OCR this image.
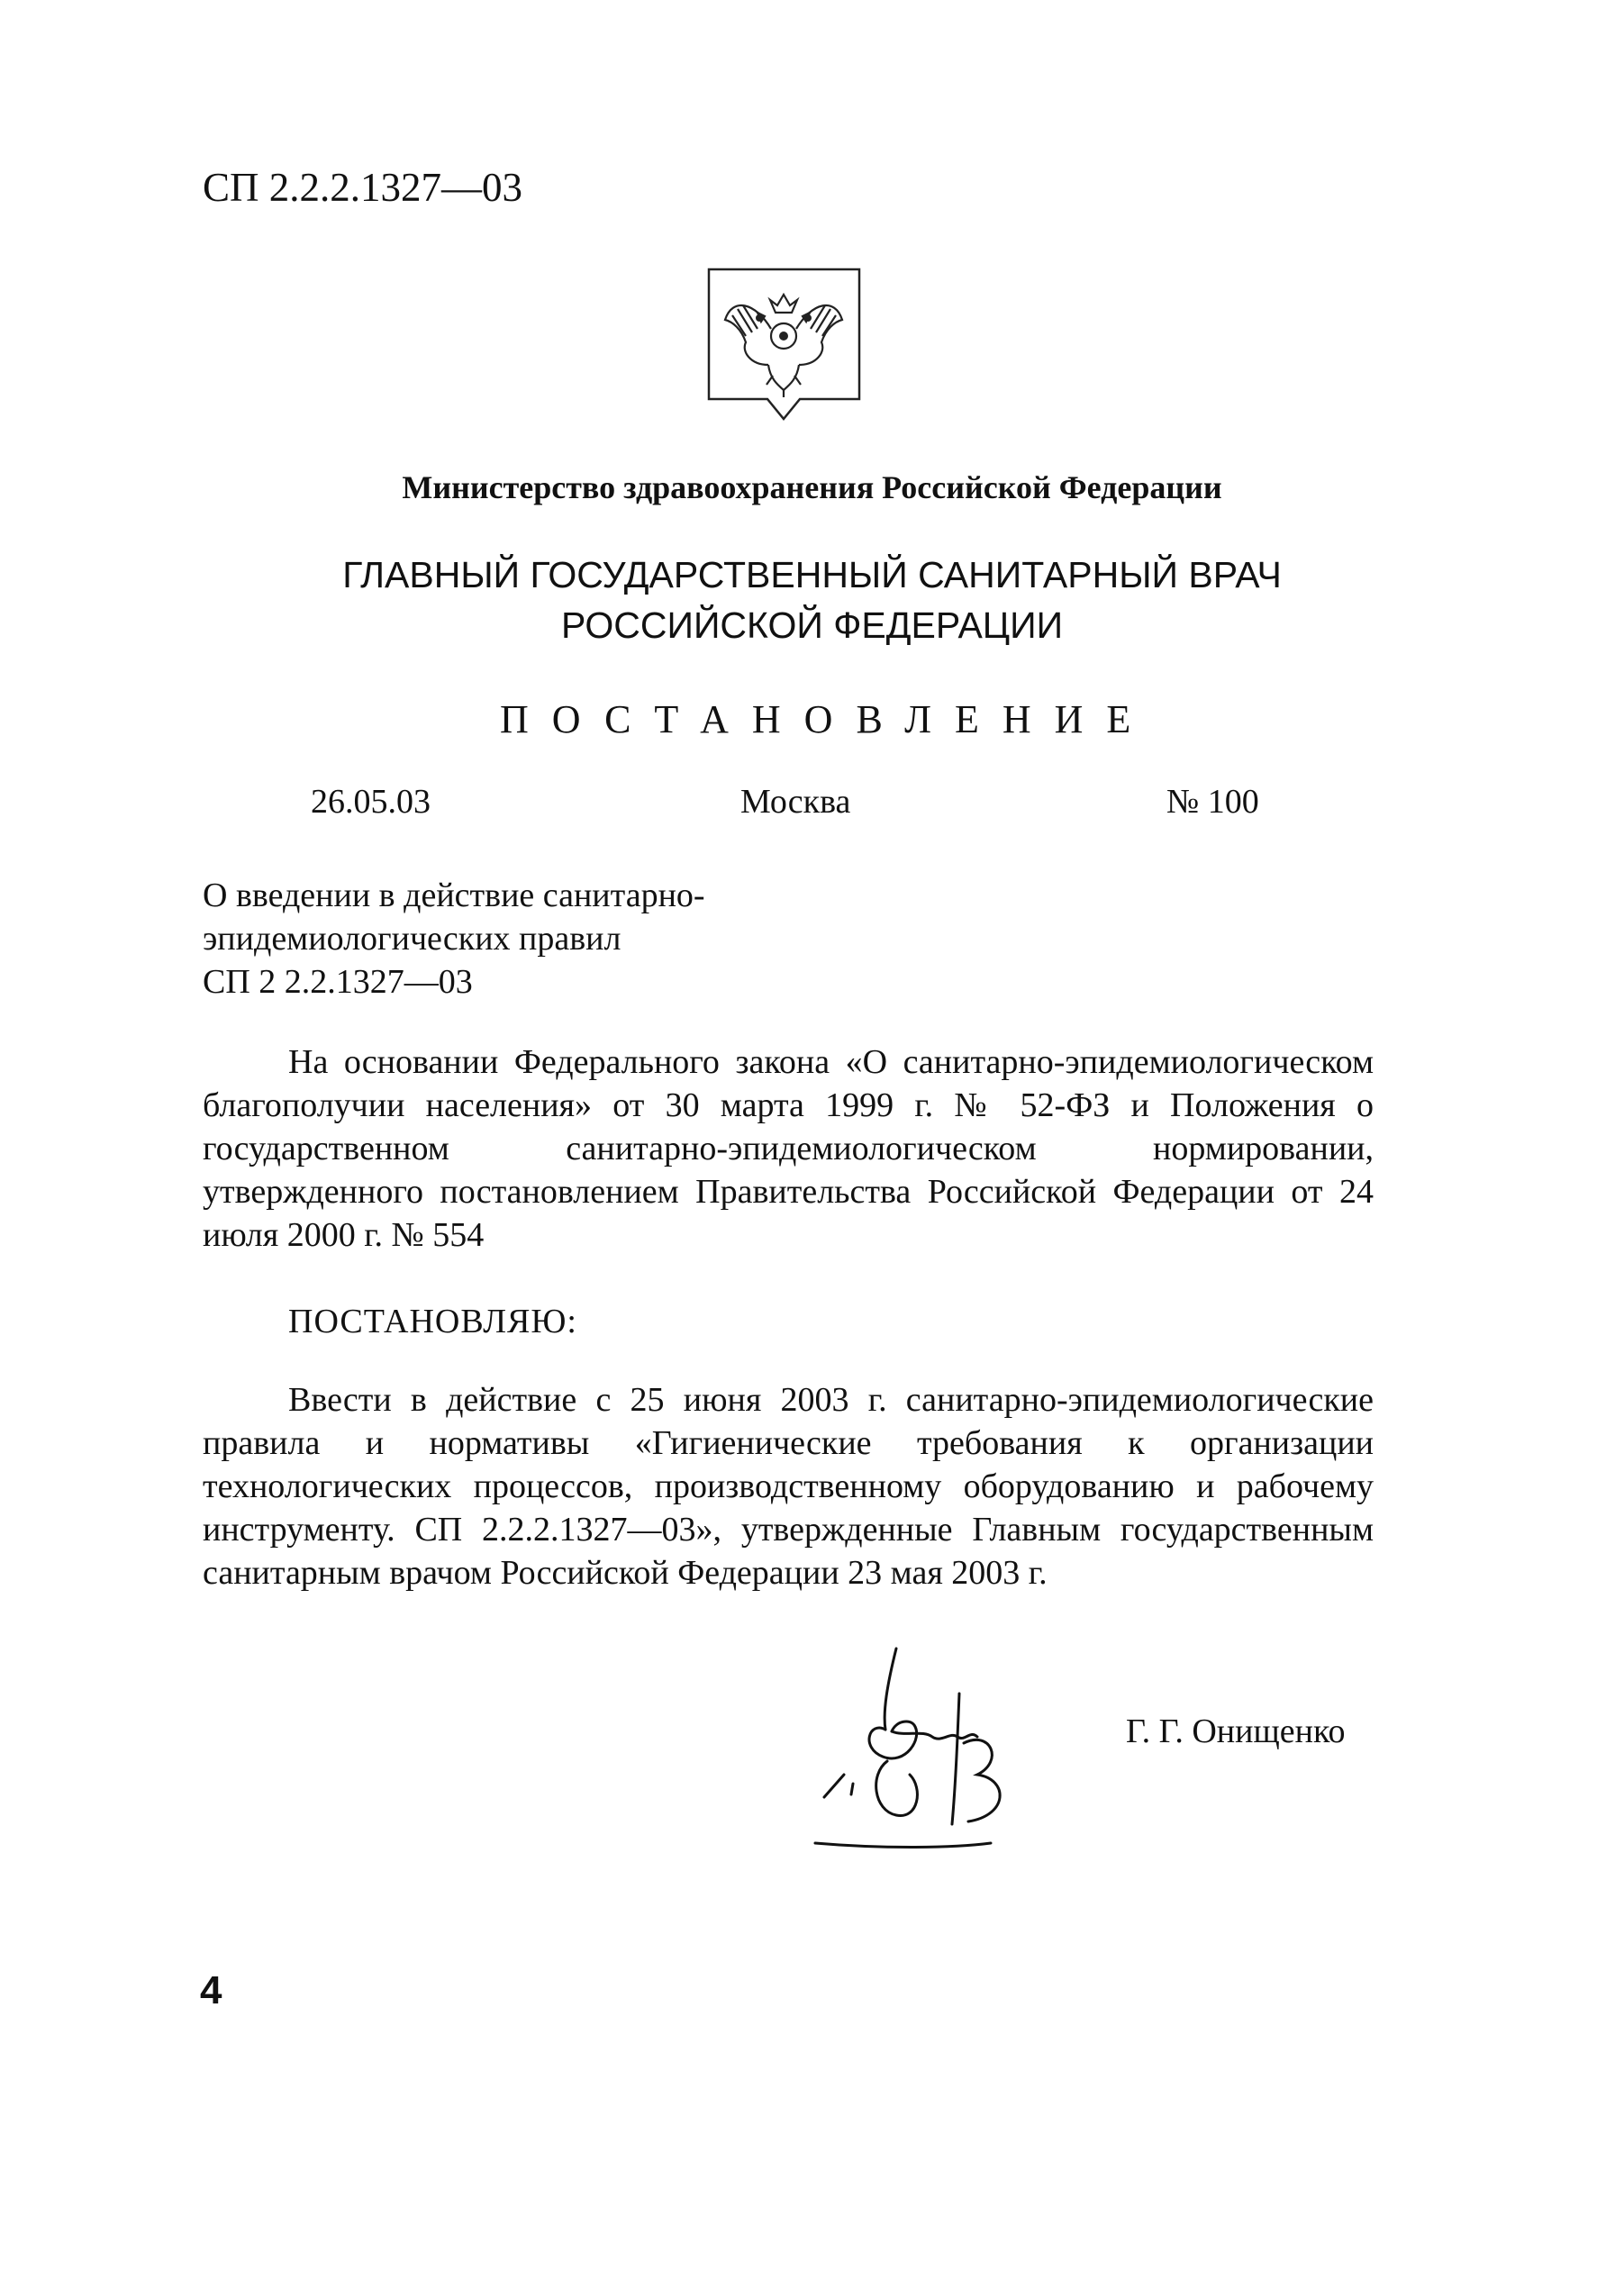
СП 2.2.2.1327—03
Министерство здравоохранения Российской Федерации
ГЛАВНЫЙ ГОСУДАРСТВЕННЫЙ САНИТАРНЫЙ ВРАЧ
РОССИЙСКОЙ ФЕДЕРАЦИИ
ПОСТАНОВЛЕНИЕ
26.05.03	Москва	№ 100
О введении в действие санитарно-
эпидемиологических правил
СП 2 2.2.1327—03
На основании Федерального закона «О санитарно-эпидемиологическом благополучии населения» от 30 марта 1999 г. № 52-ФЗ и Положения о государственном санитарно-эпидемиологическом нормировании, утвержденного постановлением Правительства Российской Федерации от 24 июля 2000 г. № 554
ПОСТАНОВЛЯЮ:
Ввести в действие с 25 июня 2003 г. санитарно-эпидемиологические правила и нормативы «Гигиенические требования к организации технологических процессов, производственному оборудованию и рабочему инструменту. СП 2.2.2.1327—03», утвержденные Главным государственным санитарным врачом Российской Федерации 23 мая 2003 г.
Г. Г. Онищенко
4
